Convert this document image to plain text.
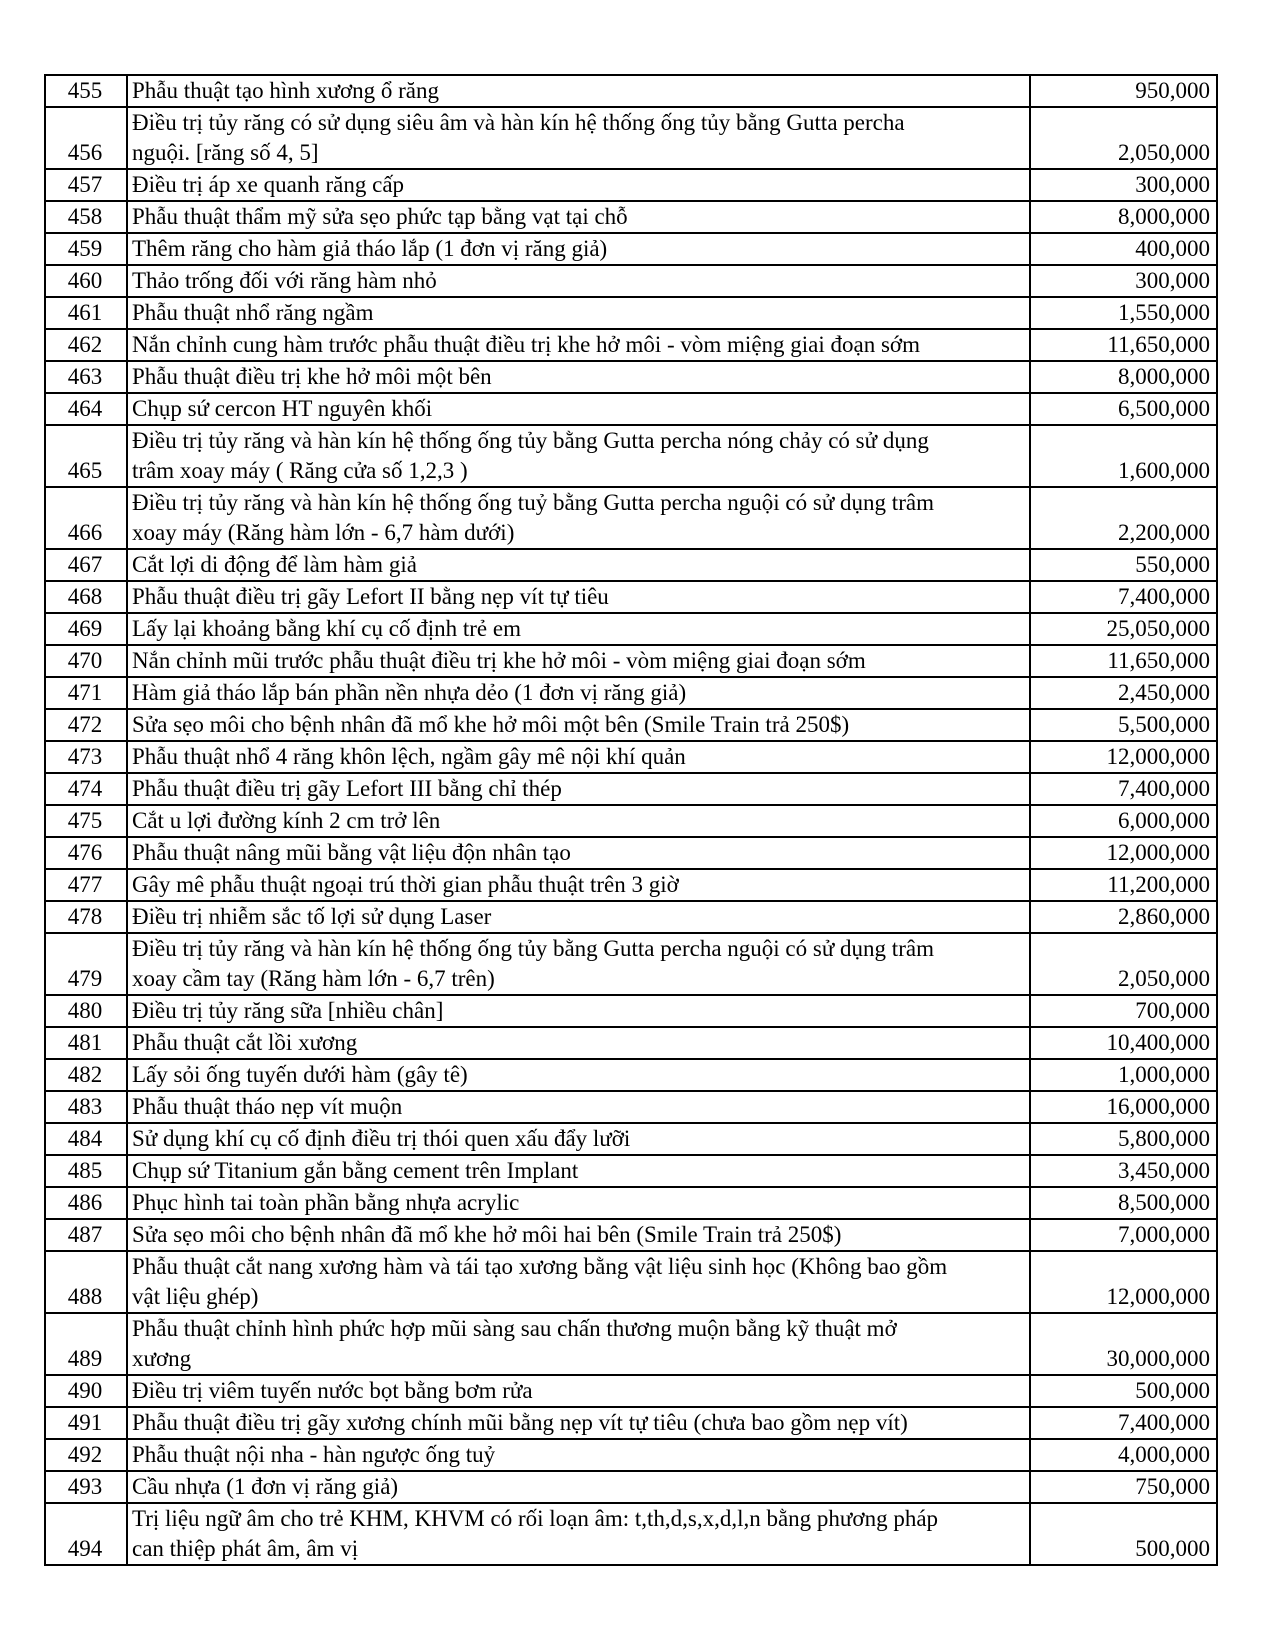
455	Phẫu thuật tạo hình xương ổ răng	950,000
456	Điều trị tủy răng có sử dụng siêu âm và hàn kín hệ thống ống tủy bằng Gutta percha
nguội. [răng số 4, 5]	2,050,000
457	Điều trị áp xe quanh răng cấp	300,000
458	Phẫu thuật thẩm mỹ sửa sẹo phức tạp bằng vạt tại chỗ	8,000,000
459	Thêm răng cho hàm giả tháo lắp (1 đơn vị răng giả)	400,000
460	Thảo trống đối với răng hàm nhỏ	300,000
461	Phẫu thuật nhổ răng ngầm	1,550,000
462	Nắn chỉnh cung hàm trước phẫu thuật điều trị khe hở môi - vòm miệng giai đoạn sớm	11,650,000
463	Phẫu thuật điều trị khe hở môi một bên	8,000,000
464	Chụp sứ cercon HT nguyên khối	6,500,000
465	Điều trị tủy răng và hàn kín hệ thống ống tủy bằng Gutta percha nóng chảy có sử dụng
trâm xoay máy ( Răng cửa số 1,2,3 )	1,600,000
466	Điều trị tủy răng và hàn kín hệ thống ống tuỷ bằng Gutta percha nguội có sử dụng trâm
xoay máy (Răng hàm lớn - 6,7 hàm dưới)	2,200,000
467	Cắt lợi di động để làm hàm giả	550,000
468	Phẫu thuật điều trị gãy Lefort II bằng nẹp vít tự tiêu	7,400,000
469	Lấy lại khoảng bằng khí cụ cố định trẻ em	25,050,000
470	Nắn chỉnh mũi trước phẫu thuật điều trị khe hở môi - vòm miệng giai đoạn sớm	11,650,000
471	Hàm giả tháo lắp bán phần nền nhựa dẻo (1 đơn vị răng giả)	2,450,000
472	Sửa sẹo môi cho bệnh nhân đã mổ khe hở môi một bên (Smile Train trả 250$)	5,500,000
473	Phẫu thuật nhổ 4 răng khôn lệch, ngầm gây mê nội khí quản	12,000,000
474	Phẫu thuật điều trị gãy Lefort III bằng chỉ thép	7,400,000
475	Cắt u lợi đường kính 2 cm trở lên	6,000,000
476	Phẫu thuật nâng mũi bằng vật liệu độn nhân tạo	12,000,000
477	Gây mê phẫu thuật ngoại trú thời gian phẫu thuật trên 3 giờ	11,200,000
478	Điều trị nhiễm sắc tố lợi sử dụng Laser	2,860,000
479	Điều trị tủy răng và hàn kín hệ thống ống tủy bằng Gutta percha nguội có sử dụng trâm
xoay cầm tay (Răng hàm lớn - 6,7 trên)	2,050,000
480	Điều trị tủy răng sữa [nhiều chân]	700,000
481	Phẫu thuật cắt lồi xương	10,400,000
482	Lấy sỏi ống tuyến dưới hàm (gây tê)	1,000,000
483	Phẫu thuật tháo nẹp vít muộn	16,000,000
484	Sử dụng khí cụ cố định điều trị thói quen xấu đẩy lưỡi	5,800,000
485	Chụp sứ Titanium gắn bằng cement trên Implant	3,450,000
486	Phục hình tai toàn phần bằng nhựa acrylic	8,500,000
487	Sửa sẹo môi cho bệnh nhân đã mổ khe hở môi hai bên (Smile Train trả 250$)	7,000,000
488	Phẫu thuật cắt nang xương hàm và tái tạo xương bằng vật liệu sinh học (Không bao gồm
vật liệu ghép)	12,000,000
489	Phẫu thuật chỉnh hình phức hợp mũi sàng sau chấn thương muộn bằng kỹ thuật mở
xương	30,000,000
490	Điều trị viêm tuyến nước bọt bằng bơm rửa	500,000
491	Phẫu thuật điều trị gãy xương chính mũi bằng nẹp vít tự tiêu (chưa bao gồm nẹp vít)	7,400,000
492	Phẫu thuật nội nha - hàn ngược ống tuỷ	4,000,000
493	Cầu nhựa (1 đơn vị răng giả)	750,000
494	Trị liệu ngữ âm cho trẻ KHM, KHVM có rối loạn âm: t,th,d,s,x,d,l,n bằng phương pháp
can thiệp phát âm, âm vị	500,000
